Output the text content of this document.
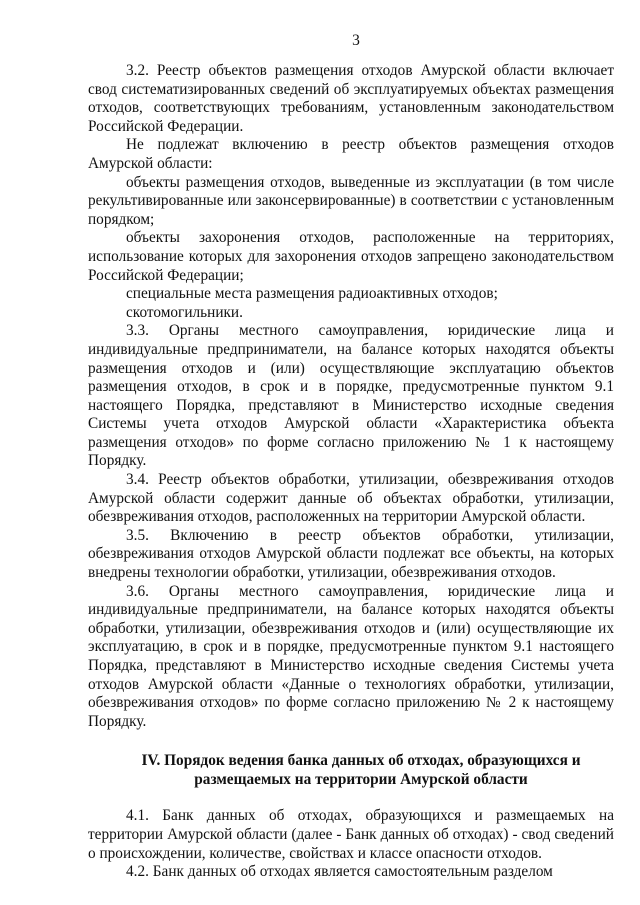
3

3.2. Реестр объектов размещения отходов Амурской области включает свод систематизированных сведений об эксплуатируемых объектах размещения отходов, соответствующих требованиям, установленным законодательством Российской Федерации.

Не подлежат включению в реестр объектов размещения отходов Амурской области:

объекты размещения отходов, выведенные из эксплуатации (в том числе рекультивированные или законсервированные) в соответствии с установленным порядком;

объекты захоронения отходов, расположенные на территориях, использование которых для захоронения отходов запрещено законодательством Российской Федерации;

специальные места размещения радиоактивных отходов;

скотомогильники.

3.3. Органы местного самоуправления, юридические лица и индивидуальные предприниматели, на балансе которых находятся объекты размещения отходов и (или) осуществляющие эксплуатацию объектов размещения отходов, в срок и в порядке, предусмотренные пунктом 9.1 настоящего Порядка, представляют в Министерство исходные сведения Системы учета отходов Амурской области «Характеристика объекта размещения отходов» по форме согласно приложению № 1 к настоящему Порядку.

3.4. Реестр объектов обработки, утилизации, обезвреживания отходов Амурской области содержит данные об объектах обработки, утилизации, обезвреживания отходов, расположенных на территории Амурской области.

3.5. Включению в реестр объектов обработки, утилизации, обезвреживания отходов Амурской области подлежат все объекты, на которых внедрены технологии обработки, утилизации, обезвреживания отходов.

3.6. Органы местного самоуправления, юридические лица и индивидуальные предприниматели, на балансе которых находятся объекты обработки, утилизации, обезвреживания отходов и (или) осуществляющие их эксплуатацию, в срок и в порядке, предусмотренные пунктом 9.1 настоящего Порядка, представляют в Министерство исходные сведения Системы учета отходов Амурской области «Данные о технологиях обработки, утилизации, обезвреживания отходов» по форме согласно приложению № 2 к настоящему Порядку.

IV. Порядок ведения банка данных об отходах, образующихся и
размещаемых на территории Амурской области

4.1. Банк данных об отходах, образующихся и размещаемых на территории Амурской области (далее - Банк данных об отходах) - свод сведений о происхождении, количестве, свойствах и классе опасности отходов.

4.2. Банк данных об отходах является самостоятельным разделом
